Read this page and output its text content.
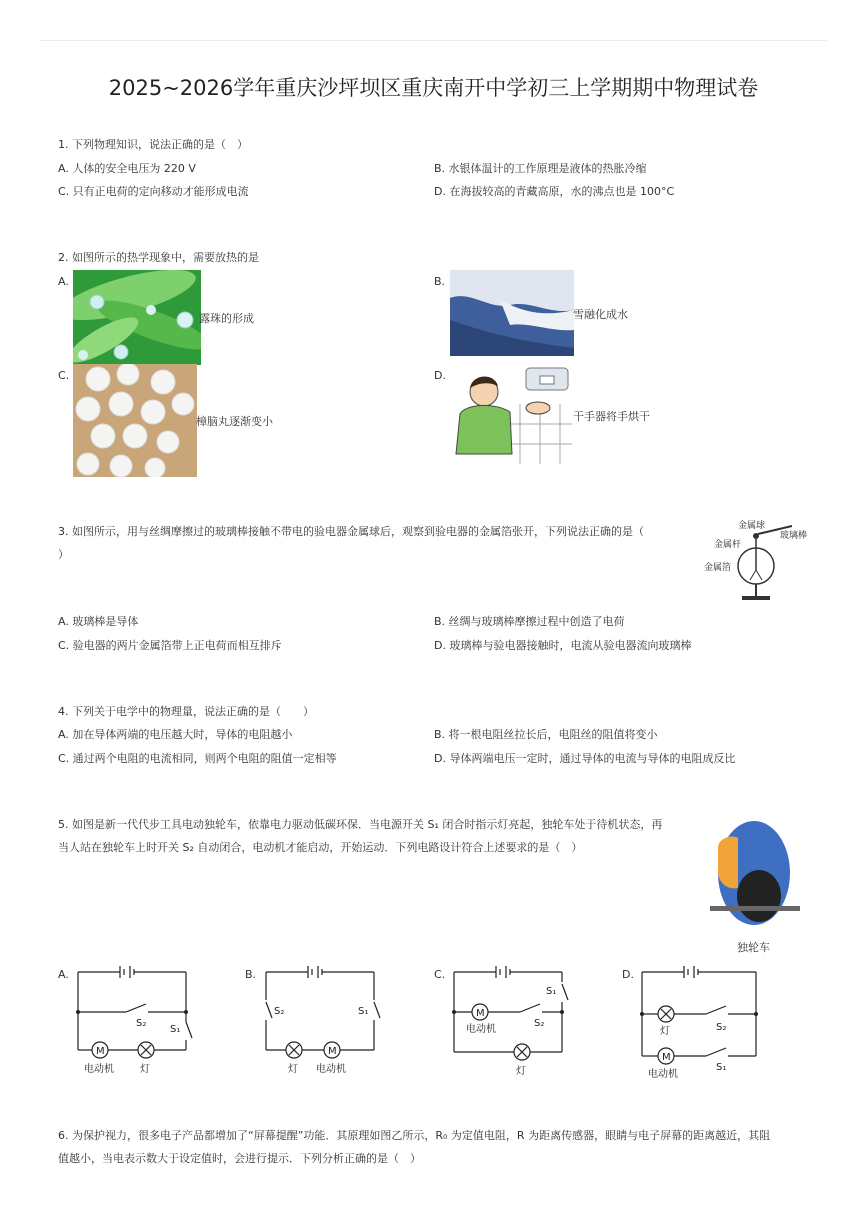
2025~2026学年重庆沙坪坝区重庆南开中学初三上学期期中物理试卷
1. 下列物理知识，说法正确的是（　）
A. 人体的安全电压为 220 V	B. 水银体温计的工作原理是液体的热胀冷缩
C. 只有正电荷的定向移动才能形成电流	D. 在海拔较高的青藏高原，水的沸点也是 100°C
2. 如图所示的热学现象中，需要放热的是
A.
露珠的形成
B.
雪融化成水
C.
樟脑丸逐渐变小
D.
干手器将手烘干
3. 如图所示，用与丝绸摩擦过的玻璃棒接触不带电的验电器金属球后，观察到验电器的金属箔张开，下列说法正确的是（
）
金属球
金属杆
玻璃棒
金属箔
A. 玻璃棒是导体	B. 丝绸与玻璃棒摩擦过程中创造了电荷
C. 验电器的两片金属箔带上正电荷而相互排斥	D. 玻璃棒与验电器接触时，电流从验电器流向玻璃棒
4. 下列关于电学中的物理量，说法正确的是（　　）
A. 加在导体两端的电压越大时，导体的电阻越小	B. 将一根电阻丝拉长后，电阻丝的阻值将变小
C. 通过两个电阻的电流相同，则两个电阻的阻值一定相等	D. 导体两端电压一定时，通过导体的电流与导体的电阻成反比
5. 如图是新一代代步工具电动独轮车，依靠电力驱动低碳环保．当电源开关 S₁ 闭合时指示灯亮起，独轮车处于待机状态，再
当人站在独轮车上时开关 S₂ 自动闭合，电动机才能启动，开始运动．下列电路设计符合上述要求的是（　）
独轮车
A.
M
S₂
S₁
电动机	灯
B.
S₂	S₁
M
灯 电动机
C.
M
S₁
S₂
电动机
灯
D.
S₂
S₁
灯
M
电动机
6. 为保护视力，很多电子产品都增加了“屏幕提醒”功能．其原理如图乙所示，R₀ 为定值电阻，R 为距离传感器，眼睛与电子屏幕的距离越近，其阻
值越小，当电表示数大于设定值时，会进行提示．下列分析正确的是（　）
